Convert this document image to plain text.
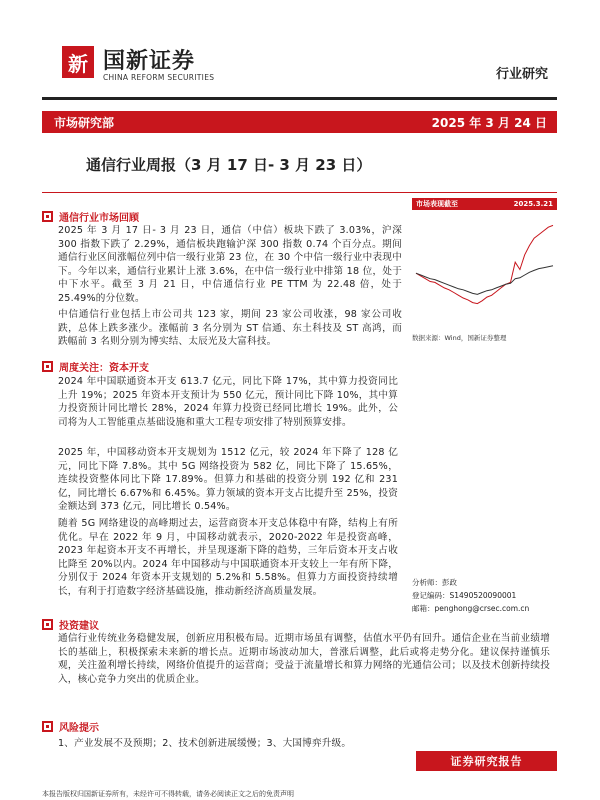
新 国新证券
CHINA REFORM SECURITIES	行业研究
市场研究部	2025 年 3 月 24 日
通信行业周报（3 月 17 日- 3 月 23 日）
市场表现截至	2025.3.21
数据来源：Wind，国新证券整理
通信行业市场回顾
2025 年 3 月 17 日- 3 月 23 日，通信（中信）板块下跌了 3.03%，沪深 300 指数下跌了 2.29%，通信板块跑输沪深 300 指数 0.74 个百分点。期间通信行业区间涨幅位列中信一级行业第 23 位，在 30 个中信一级行业中表现中下。今年以来，通信行业累计上涨 3.6%，在中信一级行业中排第 18 位，处于中下水平。截至 3 月 21 日，中信通信行业 PE TTM 为 22.48 倍，处于 25.49%的分位数。
中信通信行业包括上市公司共 123 家，期间 23 家公司收涨，98 家公司收跌，总体上跌多涨少。涨幅前 3 名分别为 ST 信通、东土科技及 ST 高鸿，而跌幅前 3 名则分别为博实结、太辰光及大富科技。
周度关注：资本开支
2024 年中国联通资本开支 613.7 亿元，同比下降 17%，其中算力投资同比上升 19%；2025 年资本开支预计为 550 亿元，预计同比下降 10%，其中算力投资预计同比增长 28%，2024 年算力投资已经同比增长 19%。此外，公司将为人工智能重点基础设施和重大工程专项安排了特别预算安排。
2025 年，中国移动资本开支规划为 1512 亿元，较 2024 年下降了 128 亿元，同比下降 7.8%。其中 5G 网络投资为 582 亿，同比下降了 15.65%，连续投资整体同比下降 17.89%。但算力和基础的投资分别 192 亿和 231 亿，同比增长 6.67%和 6.45%。算力领域的资本开支占比提升至 25%，投资金额达到 373 亿元，同比增长 0.54%。
随着 5G 网络建设的高峰期过去，运营商资本开支总体稳中有降，结构上有所优化。早在 2022 年 9 月，中国移动就表示，2020-2022 年是投资高峰，2023 年起资本开支不再增长，并呈现逐渐下降的趋势，三年后资本开支占收比降至 20%以内。2024 年中国移动与中国联通资本开支较上一年有所下降，分别仅于 2024 年资本开支规划的 5.2%和 5.58%。但算力方面投资持续增长，有利于打造数字经济基础设施，推动新经济高质量发展。
分析师：彭政
登记编码：S1490520090001
邮箱：penghong@crsec.com.cn
投资建议
通信行业传统业务稳健发展，创新应用积极布局。近期市场虽有调整，估值水平仍有回升。通信企业在当前业绩增长的基础上，积极探索未来新的增长点。近期市场波动加大，普涨后调整，此后或将走势分化。建议保持谨慎乐观，关注盈利增长持续，网络价值提升的运营商；受益于流量增长和算力网络的光通信公司；以及技术创新持续投入，核心竞争力突出的优质企业。
风险提示
1、产业发展不及预期；2、技术创新进展缓慢；3、大国博弈升级。
证券研究报告
本报告版权归国新证券所有，未经许可不得转载，请务必阅读正文之后的免责声明
